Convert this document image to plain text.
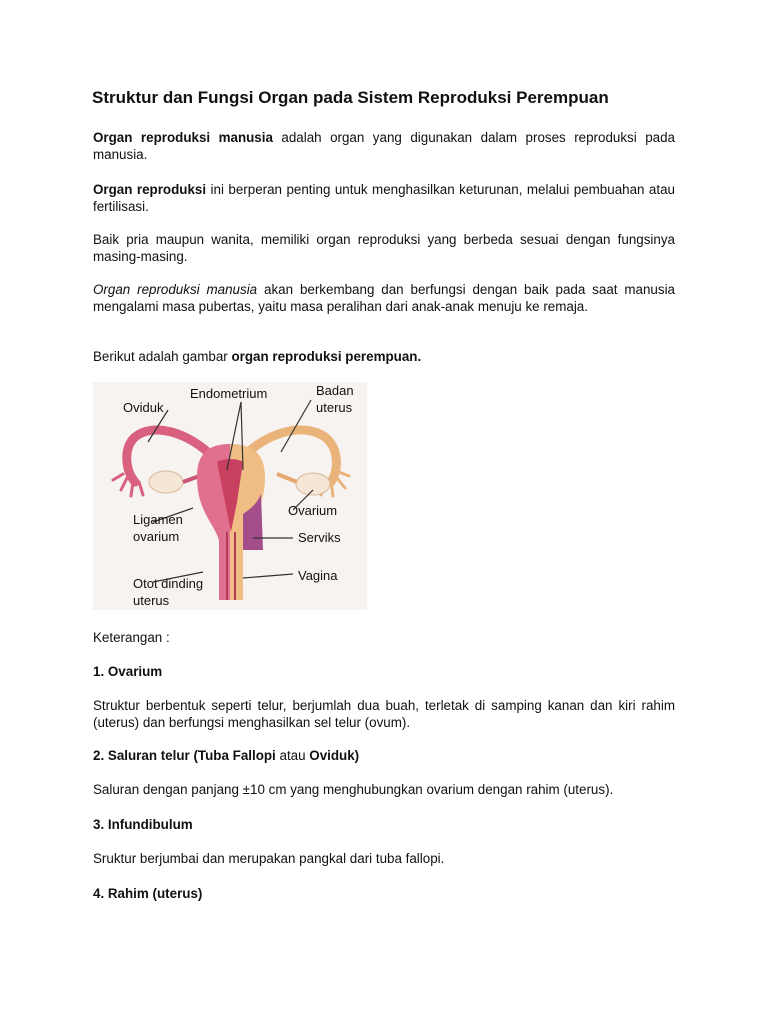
Struktur dan Fungsi Organ pada Sistem Reproduksi Perempuan

Organ reproduksi manusia adalah organ yang digunakan dalam proses reproduksi pada manusia.

Organ reproduksi ini berperan penting untuk menghasilkan keturunan, melalui pembuahan atau fertilisasi.

Baik pria maupun wanita, memiliki organ reproduksi yang berbeda sesuai dengan fungsinya masing-masing.

Organ reproduksi manusia akan berkembang dan berfungsi dengan baik pada saat manusia mengalami masa pubertas, yaitu masa peralihan dari anak-anak menuju ke remaja.

Berikut adalah gambar organ reproduksi perempuan.

Oviduk
Endometrium	Badan
uterus
Ligamen
ovarium
Ovarium
Serviks
Vagina
Otot dinding
uterus

Keterangan :

1. Ovarium

Struktur berbentuk seperti telur, berjumlah dua buah, terletak di samping kanan dan kiri rahim (uterus) dan berfungsi menghasilkan sel telur (ovum).

2. Saluran telur (Tuba Fallopi atau Oviduk)

Saluran dengan panjang ±10 cm yang menghubungkan ovarium dengan rahim (uterus).

3. Infundibulum

Sruktur berjumbai dan merupakan pangkal dari tuba fallopi.

4. Rahim (uterus)
